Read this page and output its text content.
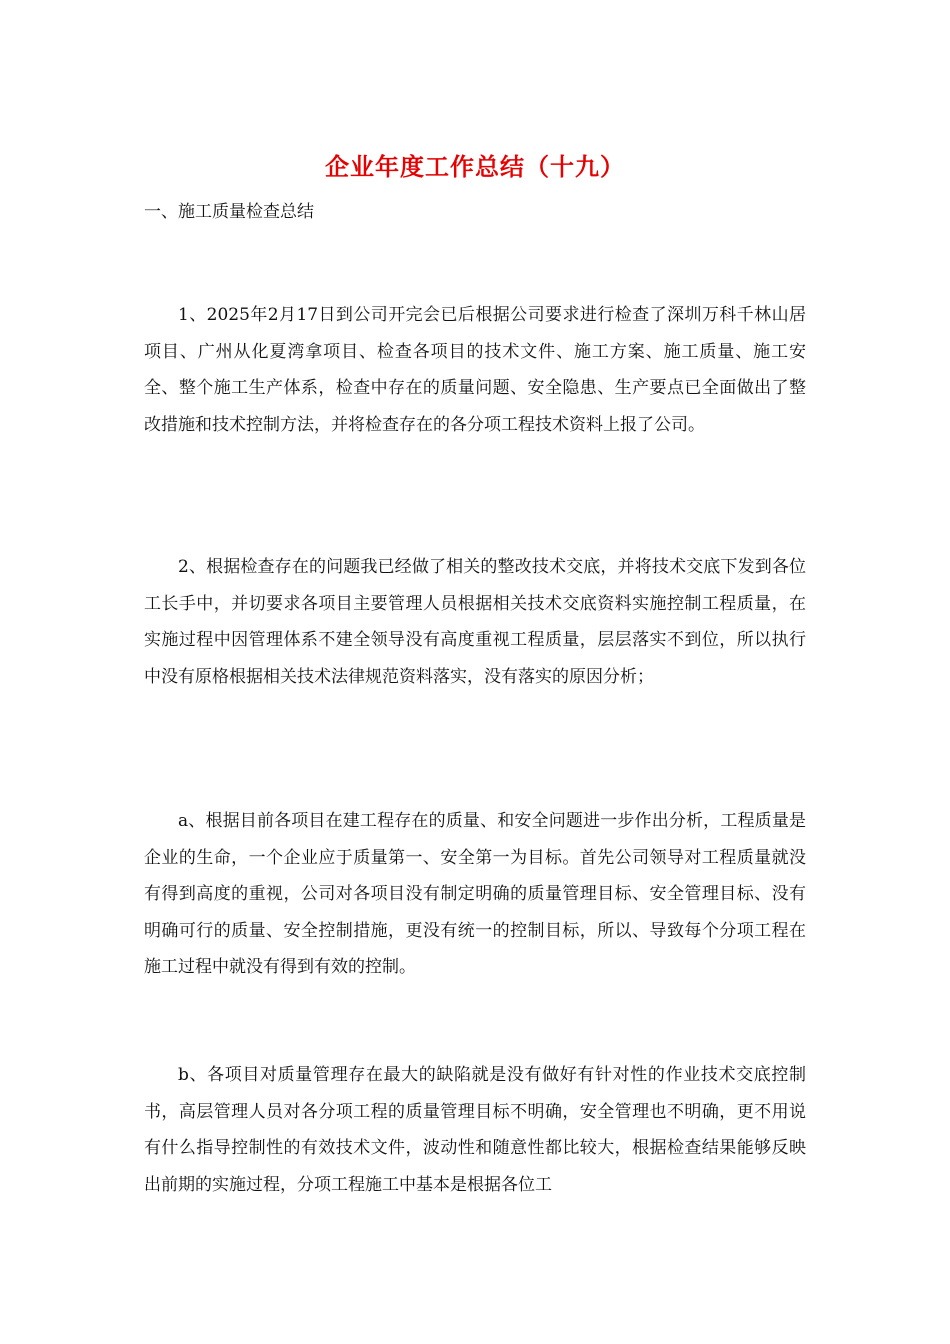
企业年度工作总结（十九）

一、施工质量检查总结

1、2025年2月17日到公司开完会已后根据公司要求进行检查了深圳万科千林山居项目、广州从化夏湾拿项目、检查各项目的技术文件、施工方案、施工质量、施工安全、整个施工生产体系，检查中存在的质量问题、安全隐患、生产要点已全面做出了整改措施和技术控制方法，并将检查存在的各分项工程技术资料上报了公司。

2、根据检查存在的问题我已经做了相关的整改技术交底，并将技术交底下发到各位工长手中，并切要求各项目主要管理人员根据相关技术交底资料实施控制工程质量，在实施过程中因管理体系不建全领导没有高度重视工程质量，层层落实不到位，所以执行中没有原格根据相关技术法律规范资料落实，没有落实的原因分析；

a、根据目前各项目在建工程存在的质量、和安全问题进一步作出分析，工程质量是企业的生命，一个企业应于质量第一、安全第一为目标。首先公司领导对工程质量就没有得到高度的重视，公司对各项目没有制定明确的质量管理目标、安全管理目标、没有明确可行的质量、安全控制措施，更没有统一的控制目标，所以、导致每个分项工程在施工过程中就没有得到有效的控制。

b、各项目对质量管理存在最大的缺陷就是没有做好有针对性的作业技术交底控制书，高层管理人员对各分项工程的质量管理目标不明确，安全管理也不明确，更不用说有什么指导控制性的有效技术文件，波动性和随意性都比较大，根据检查结果能够反映出前期的实施过程，分项工程施工中基本是根据各位工
